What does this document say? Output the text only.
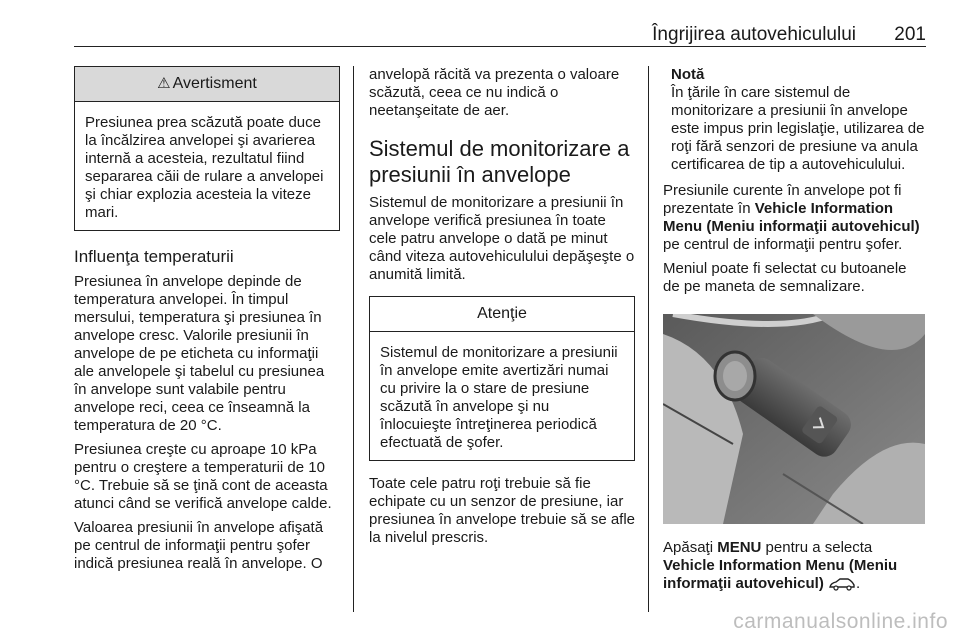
Îngrijirea autovehiculului 201
⚠ Avertisment
Presiunea prea scăzută poate duce la încălzirea anvelopei şi avarierea internă a acesteia, rezultatul fiind separarea căii de rulare a anvelopei şi chiar explozia acesteia la viteze mari.
Influenţa temperaturii

Presiunea în anvelope depinde de temperatura anvelopei. În timpul mersului, temperatura şi presiunea în anvelope cresc. Valorile presiunii în anvelope de pe eticheta cu informaţii ale anvelopele şi tabelul cu presiunea în anvelope sunt valabile pentru anvelope reci, ceea ce înseamnă la temperatura de 20 °C.

Presiunea creşte cu aproape 10 kPa pentru o creştere a temperaturii de 10 °C. Trebuie să se ţină cont de aceasta atunci când se verifică anvelope calde.

Valoarea presiunii în anvelope afişată pe centrul de informaţii pentru şofer indică presiunea reală în anvelope. O

anvelopă răcită va prezenta o valoare scăzută, ceea ce nu indică o neetanşeitate de aer.

Sistemul de monitorizare a presiunii în anvelope

Sistemul de monitorizare a presiunii în anvelope verifică presiunea în toate cele patru anvelope o dată pe minut când viteza autovehiculului depăşeşte o anumită limită.

Atenţie
Sistemul de monitorizare a presiunii în anvelope emite avertizări numai cu privire la o stare de presiune scăzută în anvelope şi nu înlocuieşte întreţinerea periodică efectuată de şofer.

Toate cele patru roţi trebuie să fie echipate cu un senzor de presiune, iar presiunea în anvelope trebuie să se afle la nivelul prescris.

Notă
În ţările în care sistemul de monitorizare a presiunii în anvelope este impus prin legislaţie, utilizarea de roţi fără senzori de presiune va anula certificarea de tip a autovehiculului.

Presiunile curente în anvelope pot fi prezentate în Vehicle Information Menu (Meniu informaţii autovehicul) pe centrul de informaţii pentru şofer.

Meniul poate fi selectat cu butoanele de pe maneta de semnalizare.

Apăsaţi MENU pentru a selecta Vehicle Information Menu (Meniu informaţii autovehicul) .

carmanualsonline.info
